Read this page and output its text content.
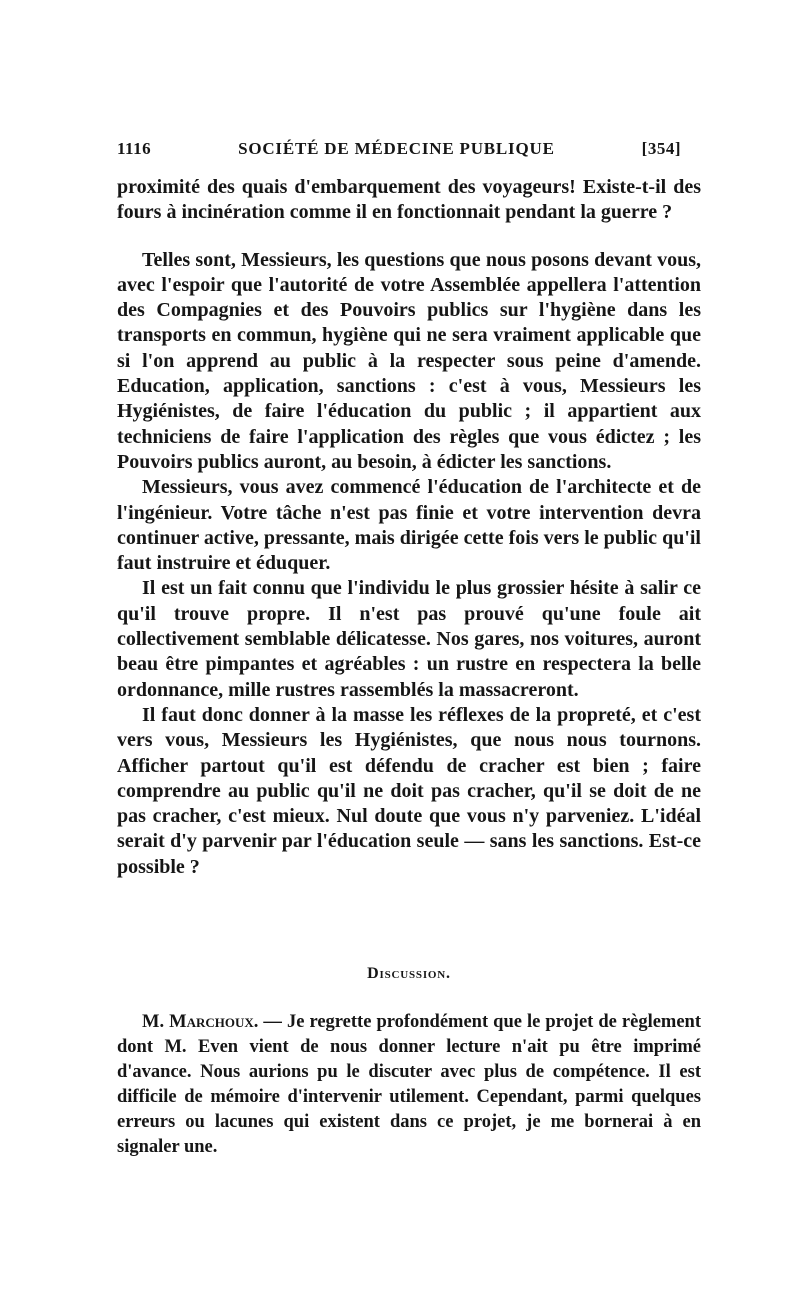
1116	SOCIÉTÉ DE MÉDECINE PUBLIQUE	[354]

proximité des quais d'embarquement des voyageurs! Existe-t-il des fours à incinération comme il en fonctionnait pendant la guerre ?

Telles sont, Messieurs, les questions que nous posons devant vous, avec l'espoir que l'autorité de votre Assemblée appellera l'attention des Compagnies et des Pouvoirs publics sur l'hygiène dans les transports en commun, hygiène qui ne sera vraiment applicable que si l'on apprend au public à la respecter sous peine d'amende. Education, application, sanctions : c'est à vous, Messieurs les Hygiénistes, de faire l'éducation du public ; il appartient aux techniciens de faire l'application des règles que vous édictez ; les Pouvoirs publics auront, au besoin, à édicter les sanctions.

Messieurs, vous avez commencé l'éducation de l'architecte et de l'ingénieur. Votre tâche n'est pas finie et votre intervention devra continuer active, pressante, mais dirigée cette fois vers le public qu'il faut instruire et éduquer.

Il est un fait connu que l'individu le plus grossier hésite à salir ce qu'il trouve propre. Il n'est pas prouvé qu'une foule ait collectivement semblable délicatesse. Nos gares, nos voitures, auront beau être pimpantes et agréables : un rustre en respectera la belle ordonnance, mille rustres rassemblés la massacreront.

Il faut donc donner à la masse les réflexes de la propreté, et c'est vers vous, Messieurs les Hygiénistes, que nous nous tournons. Afficher partout qu'il est défendu de cracher est bien ; faire comprendre au public qu'il ne doit pas cracher, qu'il se doit de ne pas cracher, c'est mieux. Nul doute que vous n'y parveniez. L'idéal serait d'y parvenir par l'éducation seule — sans les sanctions. Est-ce possible ?

Discussion.

M. Marchoux. — Je regrette profondément que le projet de règlement dont M. Even vient de nous donner lecture n'ait pu être imprimé d'avance. Nous aurions pu le discuter avec plus de compétence. Il est difficile de mémoire d'intervenir utilement. Cependant, parmi quelques erreurs ou lacunes qui existent dans ce projet, je me bornerai à en signaler une.
